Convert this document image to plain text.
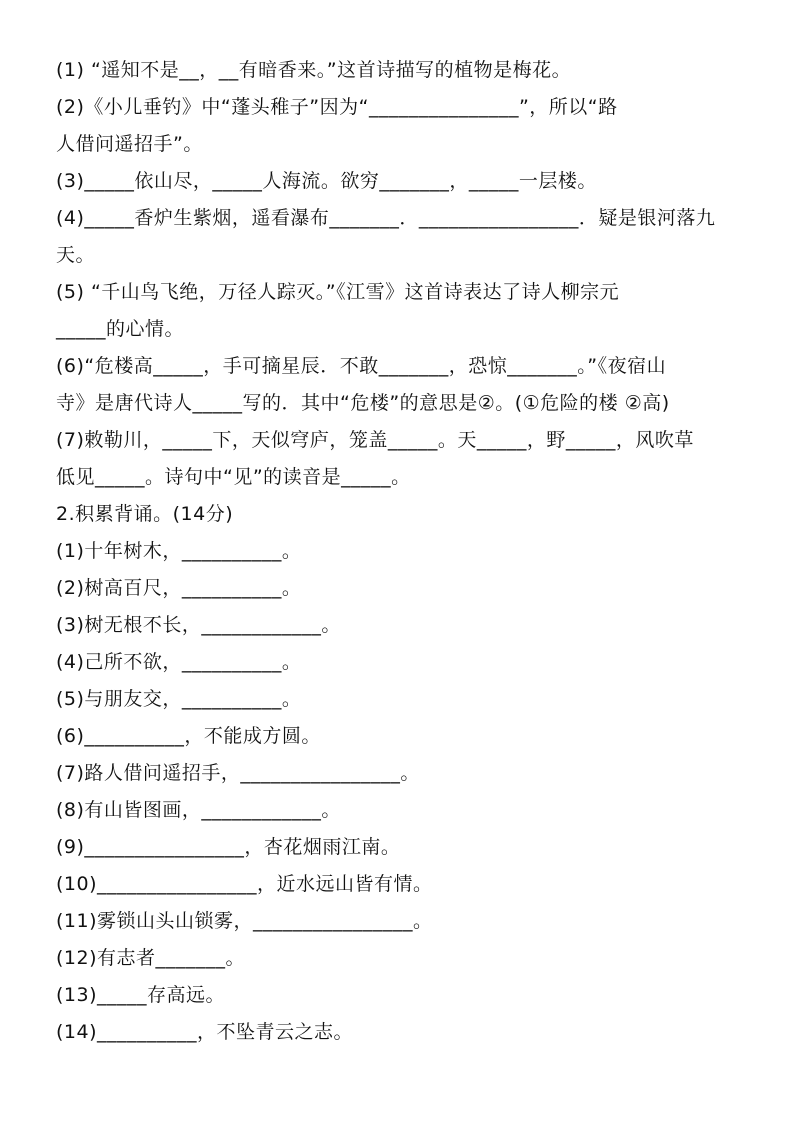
(1) “遥知不是__，__有暗香来。”这首诗描写的植物是梅花。
(2)《小儿垂钓》中“蓬头稚子”因为“_______________”，所以“路
人借问遥招手”。
(3)_____依山尽，_____人海流。欲穷_______，_____一层楼。
(4)_____香炉生紫烟，遥看瀑布_______．________________．疑是银河落九
天。
(5) “千山鸟飞绝，万径人踪灭。”《江雪》这首诗表达了诗人柳宗元
_____的心情。
(6)“危楼高_____，手可摘星辰．不敢_______，恐惊_______。”《夜宿山
寺》是唐代诗人_____写的．其中“危楼”的意思是②。(①危险的楼 ②高)
(7)敕勒川，_____下，天似穹庐，笼盖_____。天_____，野_____，风吹草
低见_____。诗句中“见”的读音是_____。
2.积累背诵。(14分)
(1)十年树木，__________。
(2)树高百尺，__________。
(3)树无根不长，____________。
(4)己所不欲，__________。
(5)与朋友交，__________。
(6)__________，不能成方圆。
(7)路人借问遥招手，________________。
(8)有山皆图画，____________。
(9)________________，杏花烟雨江南。
(10)________________，近水远山皆有情。
(11)雾锁山头山锁雾，________________。
(12)有志者_______。
(13)_____存高远。
(14)__________，不坠青云之志。
